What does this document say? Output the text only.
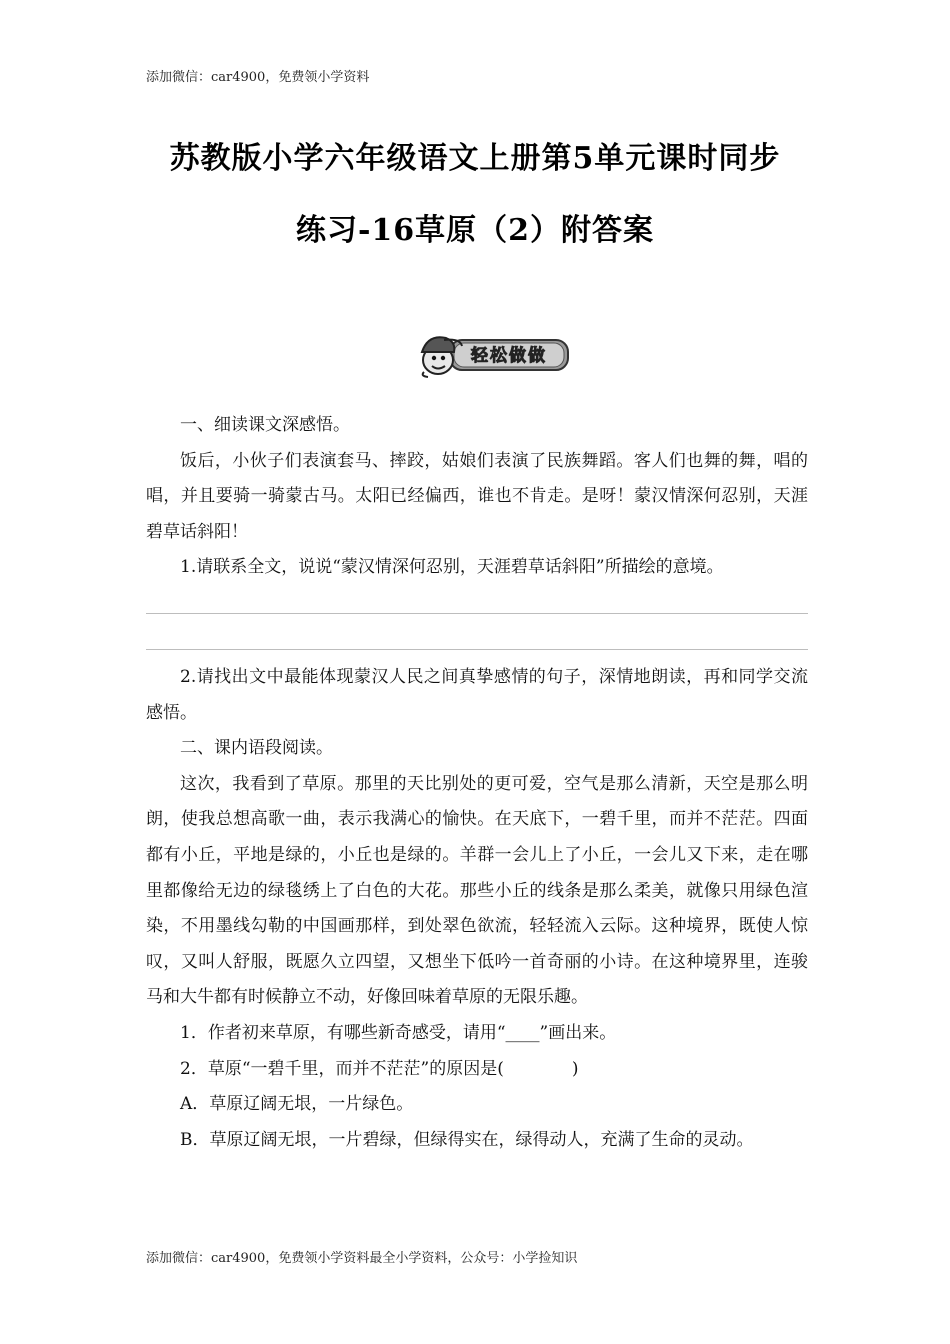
添加微信：car4900，免费领小学资料
苏教版小学六年级语文上册第5单元课时同步
练习-16草原（2）附答案
轻松做做

一、细读课文深感悟。

饭后，小伙子们表演套马、摔跤，姑娘们表演了民族舞蹈。客人们也舞的舞，唱的唱，并且要骑一骑蒙古马。太阳已经偏西，谁也不肯走。是呀！蒙汉情深何忍别，天涯碧草话斜阳！

1.请联系全文，说说“蒙汉情深何忍别，天涯碧草话斜阳”所描绘的意境。

2.请找出文中最能体现蒙汉人民之间真挚感情的句子，深情地朗读，再和同学交流感悟。

二、课内语段阅读。

这次，我看到了草原。那里的天比别处的更可爱，空气是那么清新，天空是那么明朗，使我总想高歌一曲，表示我满心的愉快。在天底下，一碧千里，而并不茫茫。四面都有小丘，平地是绿的，小丘也是绿的。羊群一会儿上了小丘，一会儿又下来，走在哪里都像给无边的绿毯绣上了白色的大花。那些小丘的线条是那么柔美，就像只用绿色渲染，不用墨线勾勒的中国画那样，到处翠色欲流，轻轻流入云际。这种境界，既使人惊叹，又叫人舒服，既愿久立四望，又想坐下低吟一首奇丽的小诗。在这种境界里，连骏马和大牛都有时候静立不动，好像回味着草原的无限乐趣。

1．作者初来草原，有哪些新奇感受，请用“____”画出来。

2．草原“一碧千里，而并不茫茫”的原因是(　　　　)

A．草原辽阔无垠，一片绿色。

B．草原辽阔无垠，一片碧绿，但绿得实在，绿得动人，充满了生命的灵动。

添加微信：car4900，免费领小学资料最全小学资料，公众号：小学捡知识
